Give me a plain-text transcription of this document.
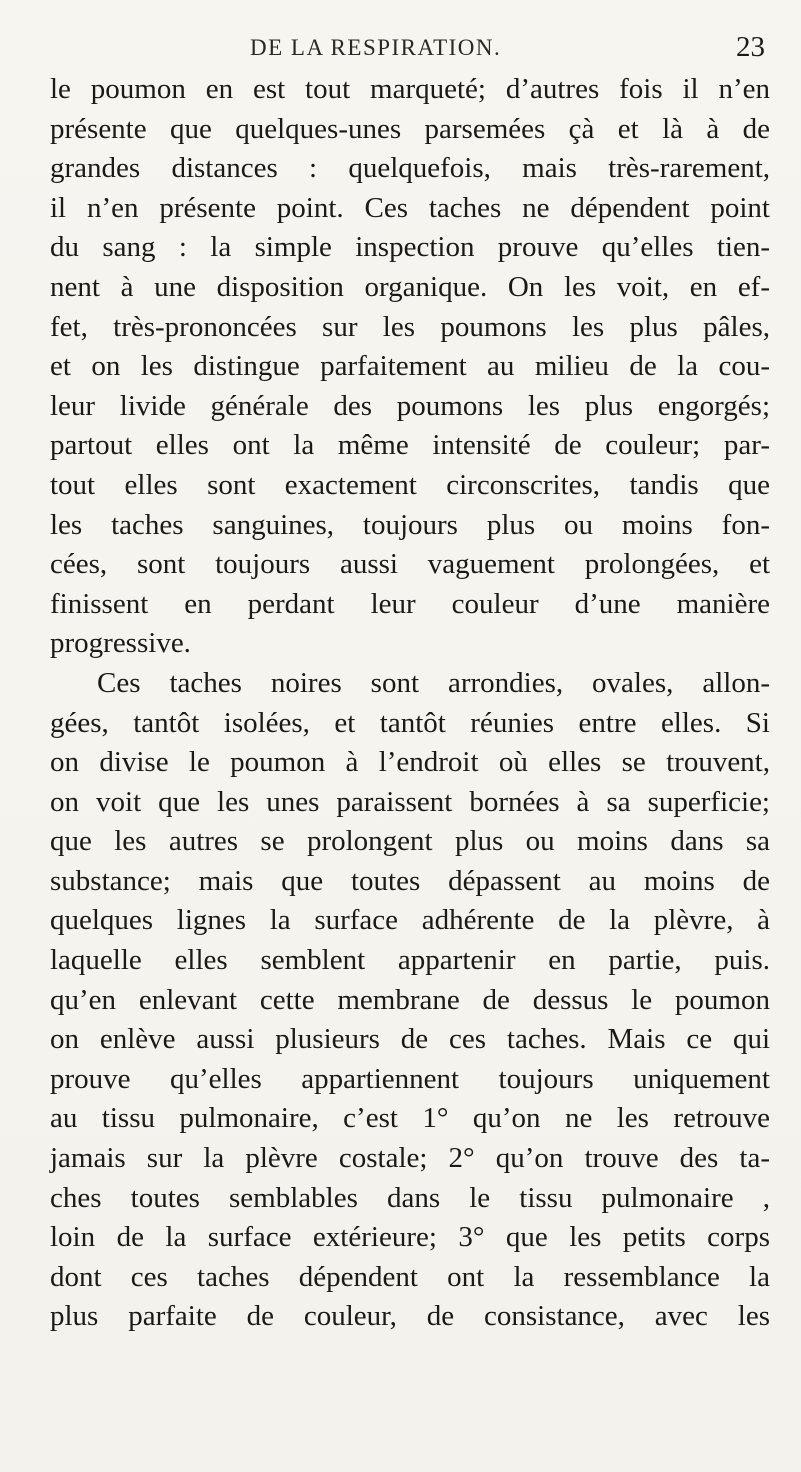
DE LA RESPIRATION.	23
le poumon en est tout marqueté; d’autres fois il n’en
présente que quelques-unes parsemées çà et là à de
grandes distances : quelquefois, mais très-rarement,
il n’en présente point. Ces taches ne dépendent point
du sang : la simple inspection prouve qu’elles tien-
nent à une disposition organique. On les voit, en ef-
fet, très-prononcées sur les poumons les plus pâles,
et on les distingue parfaitement au milieu de la cou-
leur livide générale des poumons les plus engorgés;
partout elles ont la même intensité de couleur; par-
tout elles sont exactement circonscrites, tandis que
les taches sanguines, toujours plus ou moins fon-
cées, sont toujours aussi vaguement prolongées, et
finissent en perdant leur couleur d’une manière
progressive.
Ces taches noires sont arrondies, ovales, allon-
gées, tantôt isolées, et tantôt réunies entre elles. Si
on divise le poumon à l’endroit où elles se trouvent,
on voit que les unes paraissent bornées à sa superficie;
que les autres se prolongent plus ou moins dans sa
substance; mais que toutes dépassent au moins de
quelques lignes la surface adhérente de la plèvre, à
laquelle elles semblent appartenir en partie, puis.
qu’en enlevant cette membrane de dessus le poumon
on enlève aussi plusieurs de ces taches. Mais ce qui
prouve qu’elles appartiennent toujours uniquement
au tissu pulmonaire, c’est 1° qu’on ne les retrouve
jamais sur la plèvre costale; 2° qu’on trouve des ta-
ches toutes semblables dans le tissu pulmonaire ,
loin de la surface extérieure; 3° que les petits corps
dont ces taches dépendent ont la ressemblance la
plus parfaite de couleur, de consistance, avec les
